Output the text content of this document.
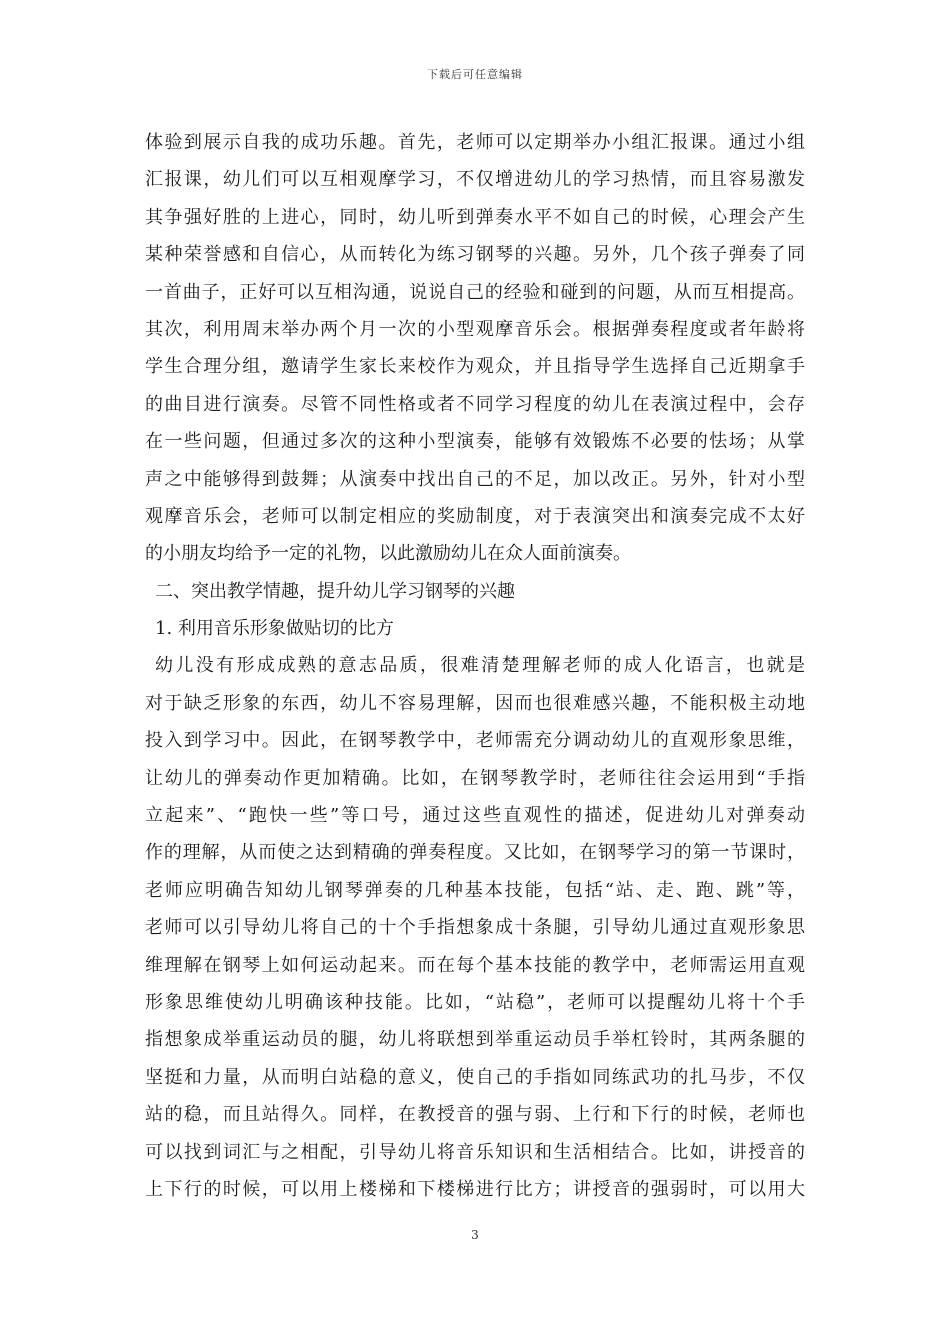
下载后可任意编辑
体验到展示自我的成功乐趣。首先，老师可以定期举办小组汇报课。通过小组
汇报课，幼儿们可以互相观摩学习，不仅增进幼儿的学习热情，而且容易激发
其争强好胜的上进心，同时，幼儿听到弹奏水平不如自己的时候，心理会产生
某种荣誉感和自信心，从而转化为练习钢琴的兴趣。另外，几个孩子弹奏了同
一首曲子，正好可以互相沟通，说说自己的经验和碰到的问题，从而互相提高。
其次，利用周末举办两个月一次的小型观摩音乐会。根据弹奏程度或者年龄将
学生合理分组，邀请学生家长来校作为观众，并且指导学生选择自己近期拿手
的曲目进行演奏。尽管不同性格或者不同学习程度的幼儿在表演过程中，会存
在一些问题，但通过多次的这种小型演奏，能够有效锻炼不必要的怯场；从掌
声之中能够得到鼓舞；从演奏中找出自己的不足，加以改正。另外，针对小型
观摩音乐会，老师可以制定相应的奖励制度，对于表演突出和演奏完成不太好
的小朋友均给予一定的礼物，以此激励幼儿在众人面前演奏。
二、突出教学情趣，提升幼儿学习钢琴的兴趣
1. 利用音乐形象做贴切的比方
幼儿没有形成成熟的意志品质，很难清楚理解老师的成人化语言，也就是
对于缺乏形象的东西，幼儿不容易理解，因而也很难感兴趣，不能积极主动地
投入到学习中。因此，在钢琴教学中，老师需充分调动幼儿的直观形象思维，
让幼儿的弹奏动作更加精确。比如，在钢琴教学时，老师往往会运用到“手指
立起来”、“跑快一些”等口号，通过这些直观性的描述，促进幼儿对弹奏动
作的理解，从而使之达到精确的弹奏程度。又比如，在钢琴学习的第一节课时，
老师应明确告知幼儿钢琴弹奏的几种基本技能，包括“站、走、跑、跳”等，
老师可以引导幼儿将自己的十个手指想象成十条腿，引导幼儿通过直观形象思
维理解在钢琴上如何运动起来。而在每个基本技能的教学中，老师需运用直观
形象思维使幼儿明确该种技能。比如，“站稳”，老师可以提醒幼儿将十个手
指想象成举重运动员的腿，幼儿将联想到举重运动员手举杠铃时，其两条腿的
坚挺和力量，从而明白站稳的意义，使自己的手指如同练武功的扎马步，不仅
站的稳，而且站得久。同样，在教授音的强与弱、上行和下行的时候，老师也
可以找到词汇与之相配，引导幼儿将音乐知识和生活相结合。比如，讲授音的
上下行的时候，可以用上楼梯和下楼梯进行比方；讲授音的强弱时，可以用大
3
